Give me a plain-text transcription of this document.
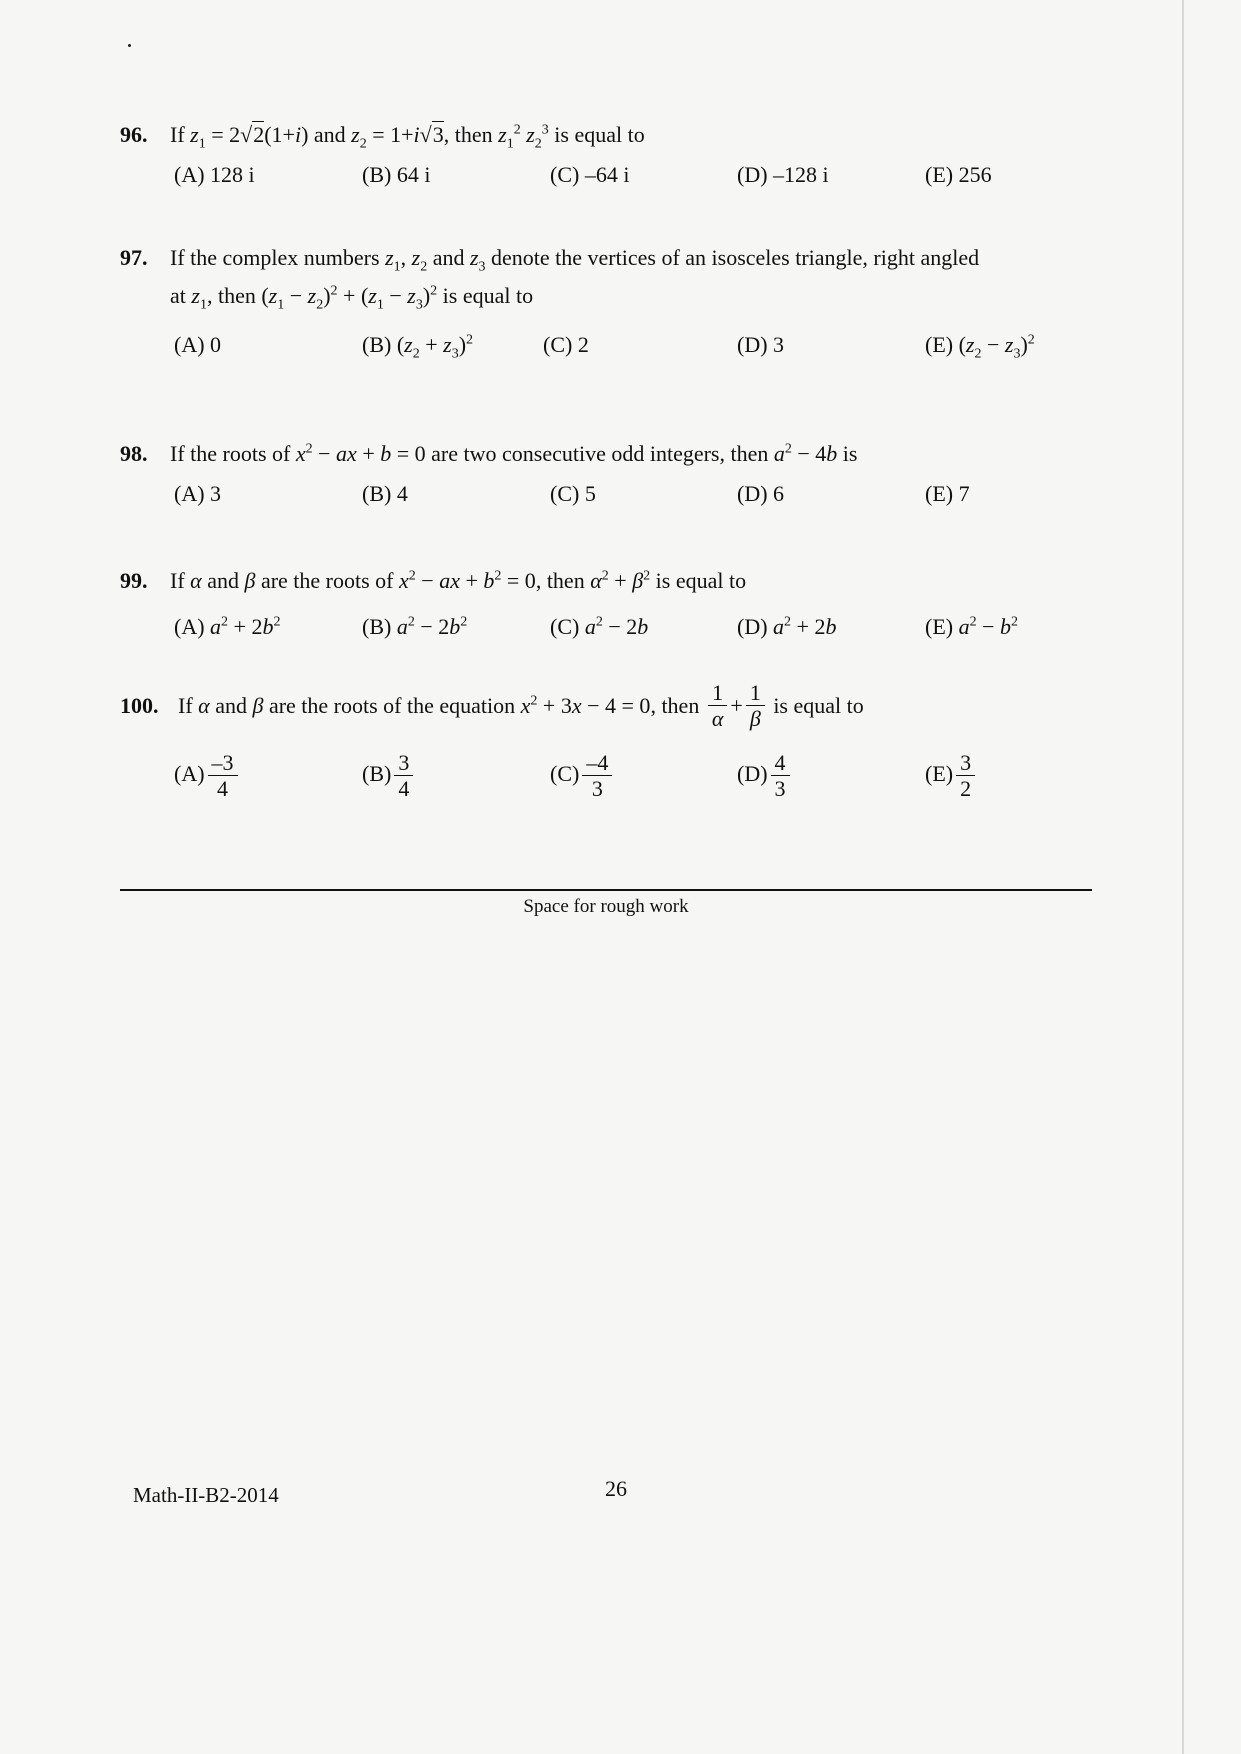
96. If $z_1 = 2√2(1+i)$ and $z_2 = 1+i√3$, then $z_1^2$ $z_2^3$ is equal to
(A) 128 i	(B) 64 i	(C) –64 i	(D) –128 i	(E) 256
97. If the complex numbers $z_1$, $z_2$ and $z_3$ denote the vertices of an isosceles triangle, right angled
at $z_1$, then $(z_1 - z_2)^2 + (z_1 - z_3)^2$ is equal to
(A) 0	(B) $(z_2 + z_3)^2$	(C) 2	(D) 3	(E) $(z_2 - z_3)^2$
98. If the roots of $x^2$ − ax + b = 0 are two consecutive odd integers, then $a^2 - 4b$ is
(A) 3	(B) 4	(C) 5	(D) 6	(E) 7
99. If α and β are the roots of $x^2$ − ax + $b^2 = 0$, then $\alpha^2 + \beta^2$ is equal to
(A) $a^2 + 2b^2$	(B) $a^2 - 2b^2$	(C) $a^2 - 2b$	(D) $a^2 + 2b$	(E) $a^2 - b^2$
100. If
α
and
β
are the roots of the equation
$x^2 + 3x - 4 = 0$ , then
$\frac{1}{\alpha} + \frac{1}{\beta}$
is equal to
$(A) \frac{-3}{4}$	$(B) \frac{3}{4}$	$(C) \frac{-4}{3}$	$(D) \frac{4}{3}$	$(E) \frac{3}{2}$
Space for rough work
Math-II-B2-2014	26
